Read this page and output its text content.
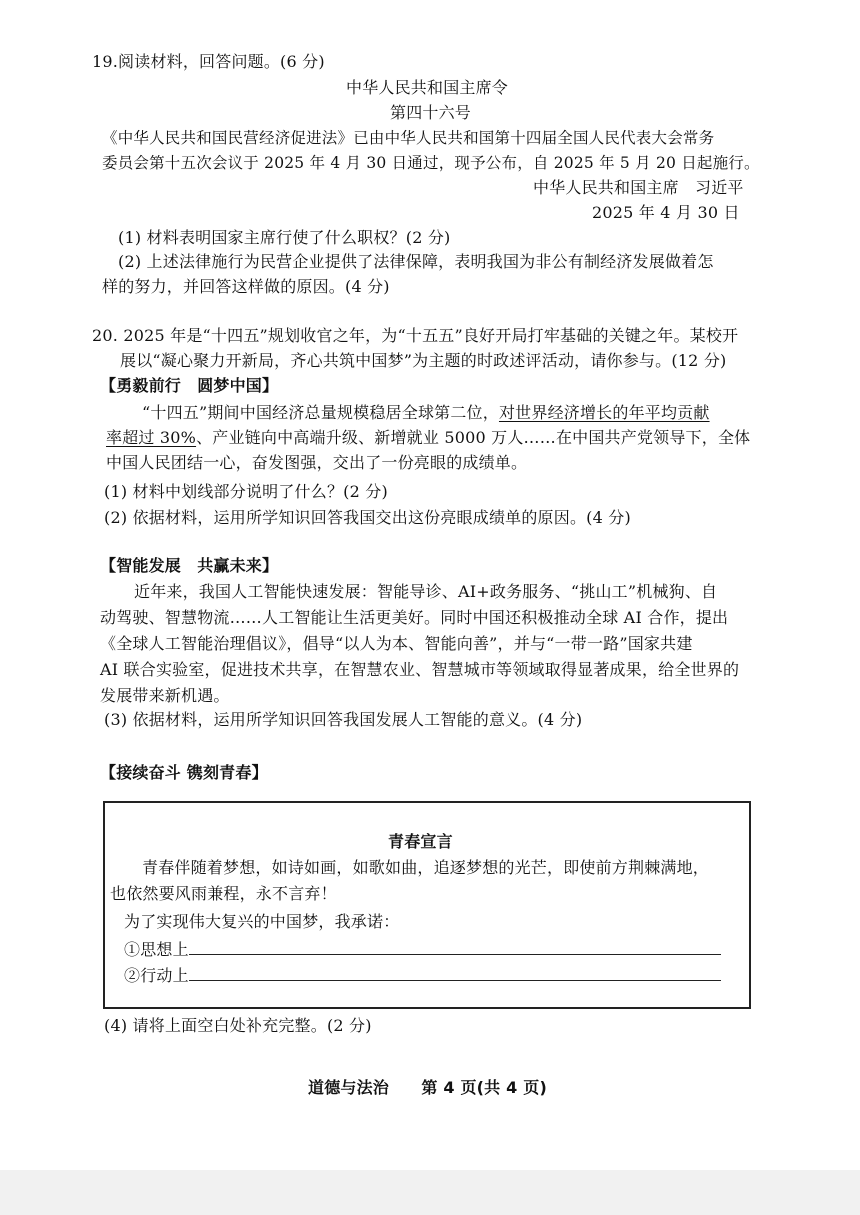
19.阅读材料，回答问题。(6 分)
中华人民共和国主席令
第四十六号
《中华人民共和国民营经济促进法》已由中华人民共和国第十四届全国人民代表大会常务
委员会第十五次会议于 2025 年 4 月 30 日通过，现予公布，自 2025 年 5 月 20 日起施行。
中华人民共和国主席　习近平
2025 年 4 月 30 日
(1) 材料表明国家主席行使了什么职权？(2 分)
(2) 上述法律施行为民营企业提供了法律保障，表明我国为非公有制经济发展做着怎
样的努力，并回答这样做的原因。(4 分)
20. 2025 年是“十四五”规划收官之年，为“十五五”良好开局打牢基础的关键之年。某校开
展以“凝心聚力开新局，齐心共筑中国梦”为主题的时政述评活动，请你参与。(12 分)
【勇毅前行　圆梦中国】
“十四五”期间中国经济总量规模稳居全球第二位，对世界经济增长的年平均贡献
率超过 30%、产业链向中高端升级、新增就业 5000 万人……在中国共产党领导下，全体
中国人民团结一心，奋发图强，交出了一份亮眼的成绩单。
(1) 材料中划线部分说明了什么？(2 分)
(2) 依据材料，运用所学知识回答我国交出这份亮眼成绩单的原因。(4 分)
【智能发展　共赢未来】
近年来，我国人工智能快速发展：智能导诊、AI+政务服务、“挑山工”机械狗、自
动驾驶、智慧物流……人工智能让生活更美好。同时中国还积极推动全球 AI 合作，提出
《全球人工智能治理倡议》，倡导“以人为本、智能向善”，并与“一带一路”国家共建
AI 联合实验室，促进技术共享，在智慧农业、智慧城市等领域取得显著成果，给全世界的
发展带来新机遇。
(3) 依据材料，运用所学知识回答我国发展人工智能的意义。(4 分)
【接续奋斗 镌刻青春】
青春宣言
青春伴随着梦想，如诗如画，如歌如曲，追逐梦想的光芒，即使前方荆棘满地，
也依然要风雨兼程，永不言弃！
为了实现伟大复兴的中国梦，我承诺：
①思想上
②行动上
(4) 请将上面空白处补充完整。(2 分)
道德与法治　　第 4 页(共 4 页)
